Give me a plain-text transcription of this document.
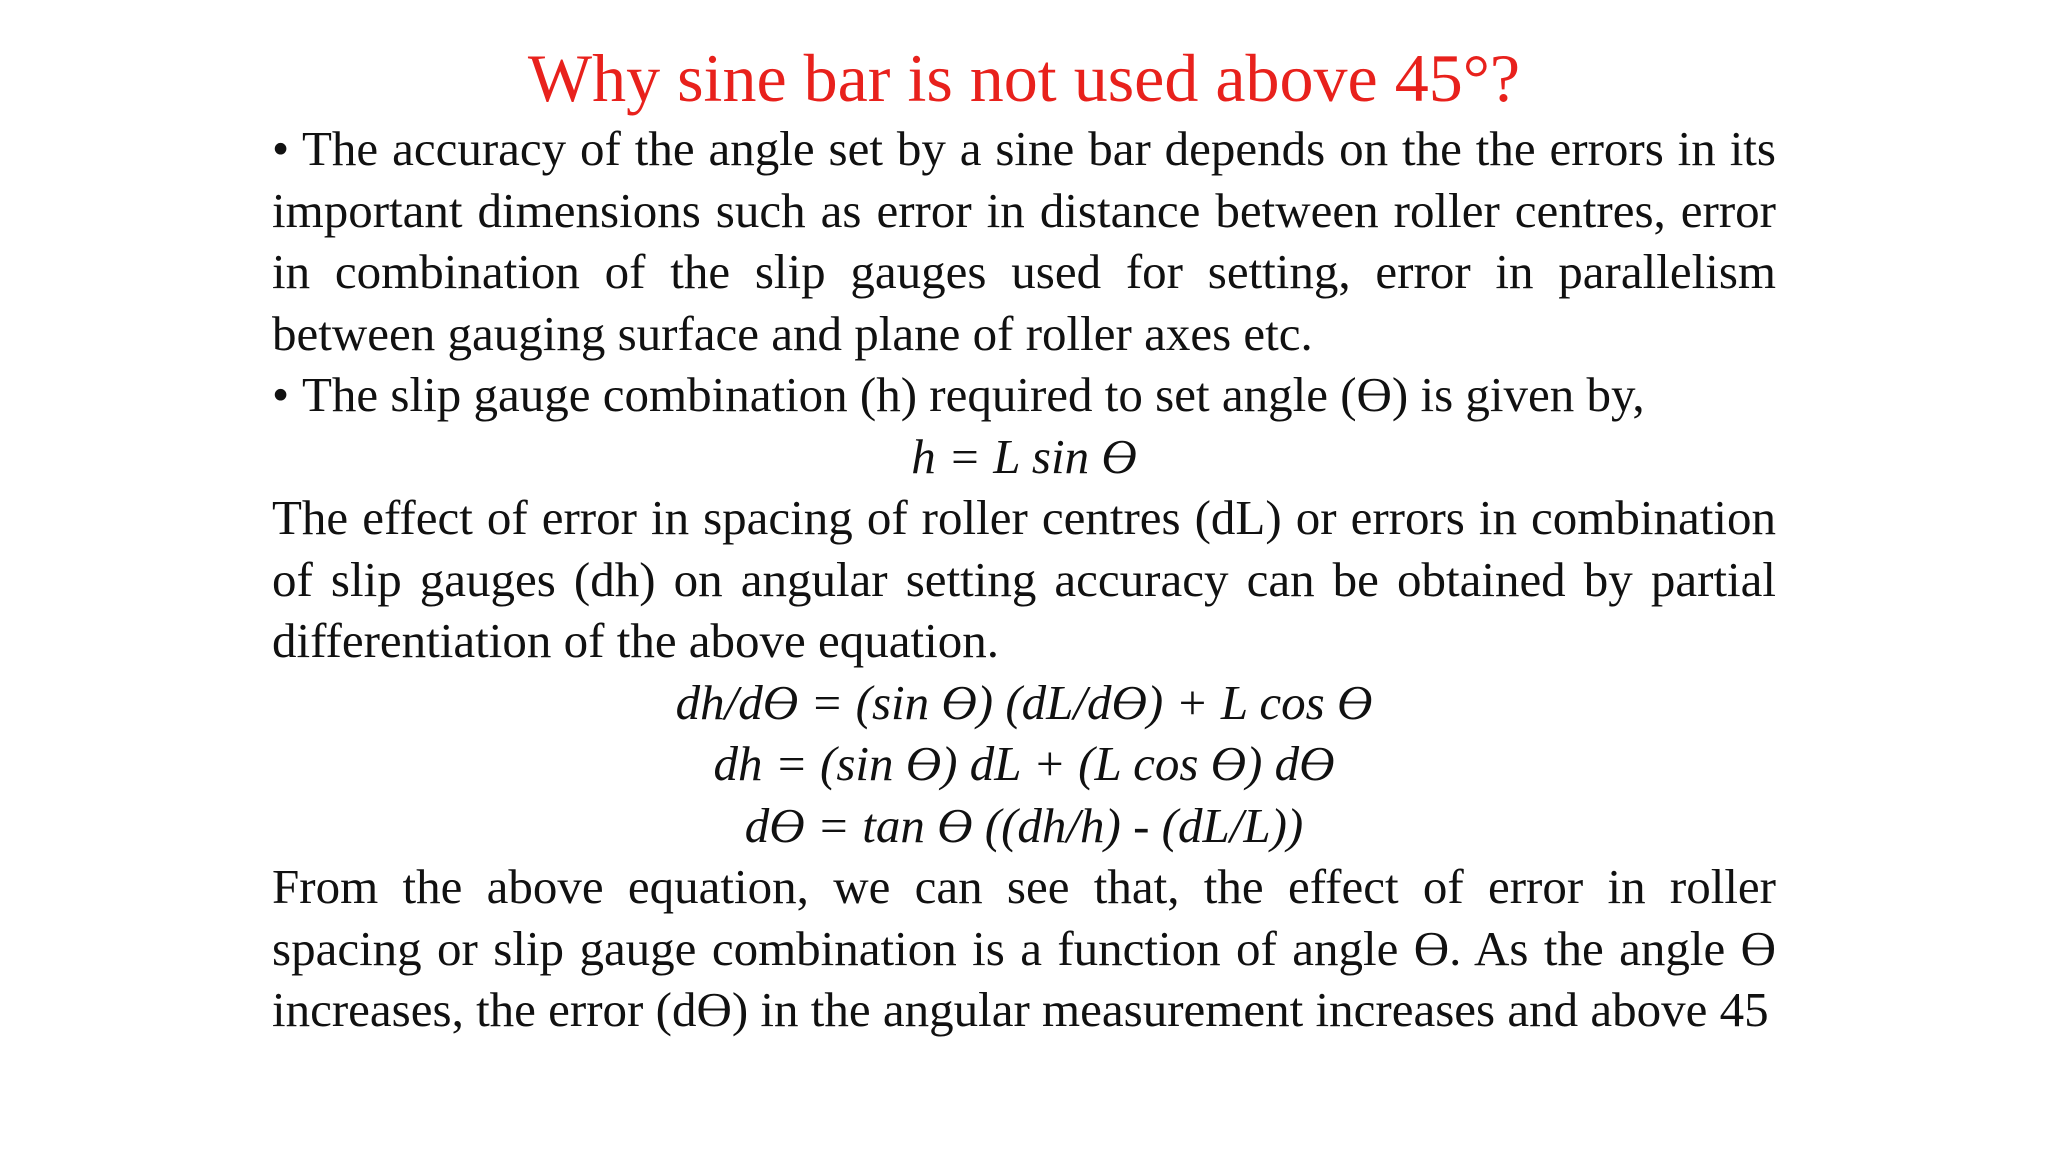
Why sine bar is not used above 45°?
• The accuracy of the angle set by a sine bar depends on the the errors in its important dimensions such as error in distance between roller centres, error in combination of the slip gauges used for setting, error in parallelism between gauging surface and plane of roller axes etc.
• The slip gauge combination (h) required to set angle (Ɵ) is given by,
h = L sin Ө
The effect of error in spacing of roller centres (dL) or errors in combination of slip gauges (dh) on angular setting accuracy can be obtained by partial differentiation of the above equation.
dh/dӨ = (sin Ө) (dL/dӨ) + L cos Ө
dh = (sin Ө) dL + (L cos Ө) dӨ
dӨ = tan Ө ((dh/h) - (dL/L))
From the above equation, we can see that, the effect of error in roller spacing or slip gauge combination is a function of angle Ɵ. As the angle Ɵ increases, the error (dƟ) in the angular measurement increases and above 45
